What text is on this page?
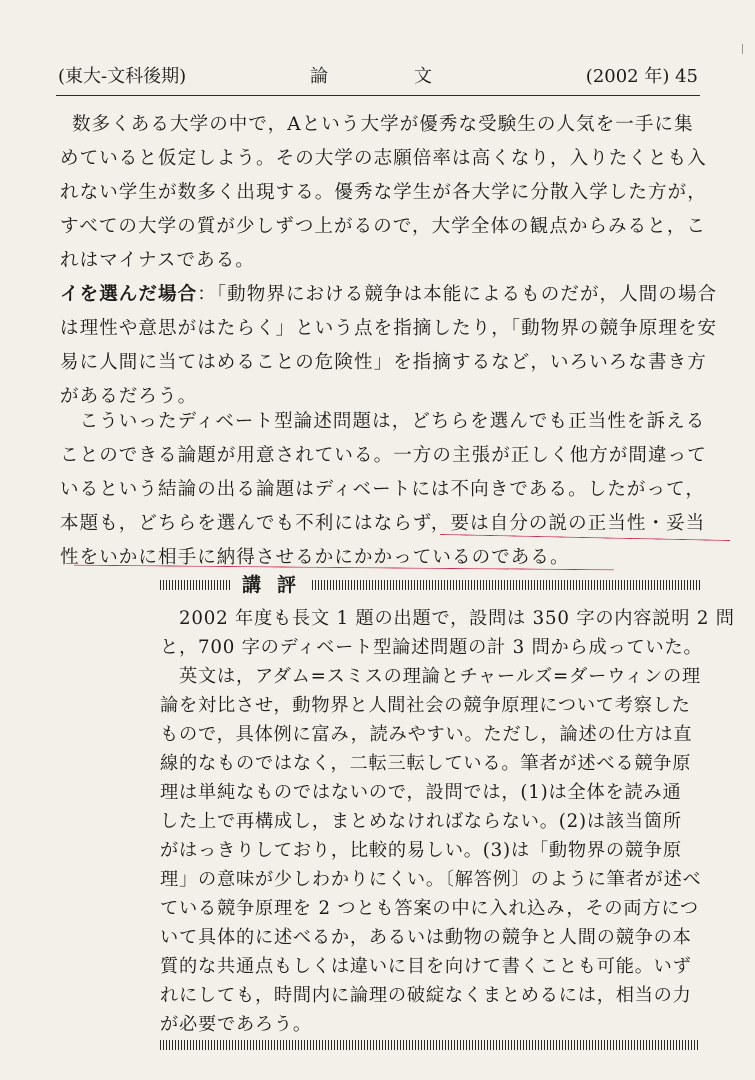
(東大-文科後期)	論	文	(2002 年) 45
数多くある大学の中で，Aという大学が優秀な受験生の人気を一手に集
めていると仮定しよう。その大学の志願倍率は高くなり，入りたくとも入
れない学生が数多く出現する。優秀な学生が各大学に分散入学した方が，
すべての大学の質が少しずつ上がるので，大学全体の観点からみると，こ
れはマイナスである。
イを選んだ場合：「動物界における競争は本能によるものだが，人間の場合
は理性や意思がはたらく」という点を指摘したり，「動物界の競争原理を安
易に人間に当てはめることの危険性」を指摘するなど，いろいろな書き方
があるだろう。
　こういったディベート型論述問題は，どちらを選んでも正当性を訴える
ことのできる論題が用意されている。一方の主張が正しく他方が間違って
いるという結論の出る論題はディベートには不向きである。したがって，
本題も，どちらを選んでも不利にはならず，要は自分の説の正当性・妥当
性をいかに相手に納得させるかにかかっているのである。
講評
　2002 年度も長文 1 題の出題で，設問は 350 字の内容説明 2 問
と，700 字のディベート型論述問題の計 3 問から成っていた。
　英文は，アダム=スミスの理論とチャールズ=ダーウィンの理
論を対比させ，動物界と人間社会の競争原理について考察した
もので，具体例に富み，読みやすい。ただし，論述の仕方は直
線的なものではなく，二転三転している。筆者が述べる競争原
理は単純なものではないので，設問では，(1)は全体を読み通
した上で再構成し，まとめなければならない。(2)は該当箇所
がはっきりしており，比較的易しい。(3)は「動物界の競争原
理」の意味が少しわかりにくい。〔解答例〕のように筆者が述べ
ている競争原理を 2 つとも答案の中に入れ込み，その両方につ
いて具体的に述べるか，あるいは動物の競争と人間の競争の本
質的な共通点もしくは違いに目を向けて書くことも可能。いず
れにしても，時間内に論理の破綻なくまとめるには，相当の力
が必要であろう。
